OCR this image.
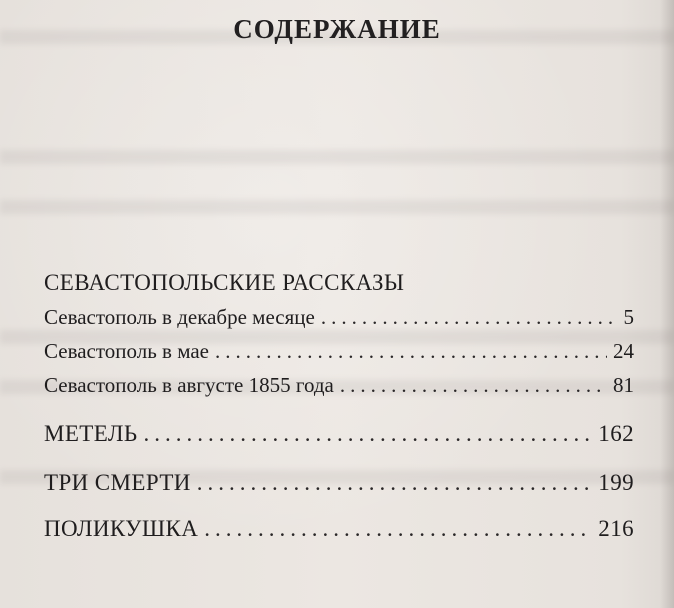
СОДЕРЖАНИЕ
СЕВАСТОПОЛЬСКИЕ РАССКАЗЫ
Севастополь в декабре месяце .....	5
Севастополь в мае .....	24
Севастополь в августе 1855 года .....	81
МЕТЕЛЬ .....	162
ТРИ СМЕРТИ .....	199
ПОЛИКУШКА .....	216
